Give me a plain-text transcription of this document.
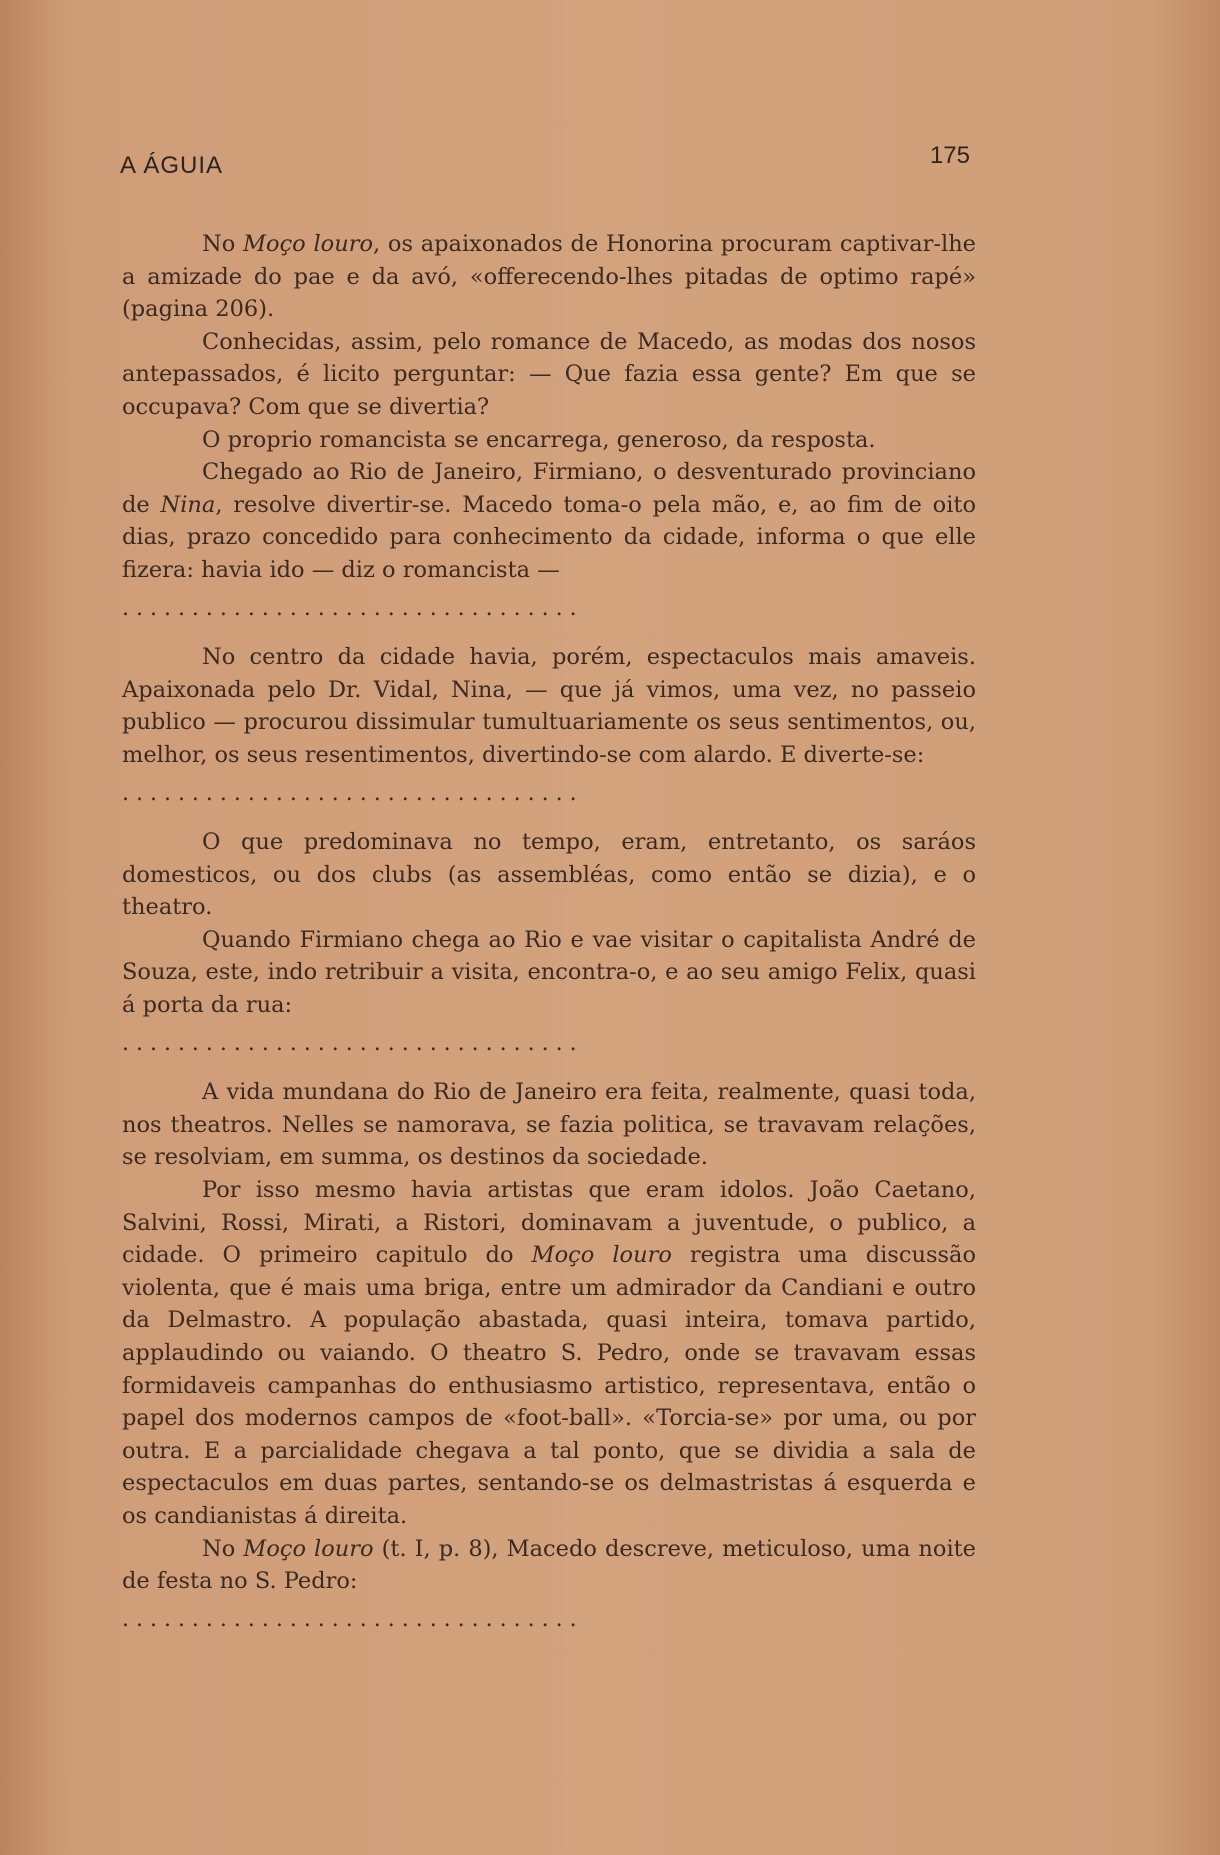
A ÁGUIA	175

No Moço louro, os apaixonados de Honorina procuram captivar-lhe a amizade do pae e da avó, «offerecendo-lhes pitadas de optimo rapé» (pagina 206).

Conhecidas, assim, pelo romance de Macedo, as modas dos nosos antepassados, é licito perguntar: — Que fazia essa gente? Em que se occupava? Com que se divertia?

O proprio romancista se encarrega, generoso, da resposta.

Chegado ao Rio de Janeiro, Firmiano, o desventurado provinciano de Nina, resolve divertir-se. Macedo toma-o pela mão, e, ao fim de oito dias, prazo concedido para conhecimento da cidade, informa o que elle fizera: havia ido — diz o romancista —

. . . . . . . . . . . . . . . . . . . . . . . . . . . . . . . . .

No centro da cidade havia, porém, espectaculos mais amaveis. Apaixonada pelo Dr. Vidal, Nina, — que já vimos, uma vez, no passeio publico — procurou dissimular tumultuariamente os seus sentimentos, ou, melhor, os seus resentimentos, divertindo-se com alardo. E diverte-se:

. . . . . . . . . . . . . . . . . . . . . . . . . . . . . . . . .

O que predominava no tempo, eram, entretanto, os saráos domesticos, ou dos clubs (as assembléas, como então se dizia), e o theatro.

Quando Firmiano chega ao Rio e vae visitar o capitalista André de Souza, este, indo retribuir a visita, encontra-o, e ao seu amigo Felix, quasi á porta da rua:

. . . . . . . . . . . . . . . . . . . . . . . . . . . . . . . . .

A vida mundana do Rio de Janeiro era feita, realmente, quasi toda, nos theatros. Nelles se namorava, se fazia politica, se travavam relações, se resolviam, em summa, os destinos da sociedade.

Por isso mesmo havia artistas que eram idolos. João Caetano, Salvini, Rossi, Mirati, a Ristori, dominavam a juventude, o publico, a cidade. O primeiro capitulo do Moço louro registra uma discussão violenta, que é mais uma briga, entre um admirador da Candiani e outro da Delmastro. A população abastada, quasi inteira, tomava partido, applaudindo ou vaiando. O theatro S. Pedro, onde se travavam essas formidaveis campanhas do enthusiasmo artistico, representava, então o papel dos modernos campos de «foot-ball». «Torcia-se» por uma, ou por outra. E a parcialidade chegava a tal ponto, que se dividia a sala de espectaculos em duas partes, sentando-se os delmastristas á esquerda e os candianistas á direita.

No Moço louro (t. I, p. 8), Macedo descreve, meticuloso, uma noite de festa no S. Pedro:

. . . . . . . . . . . . . . . . . . . . . . . . . . . . . . . . .
